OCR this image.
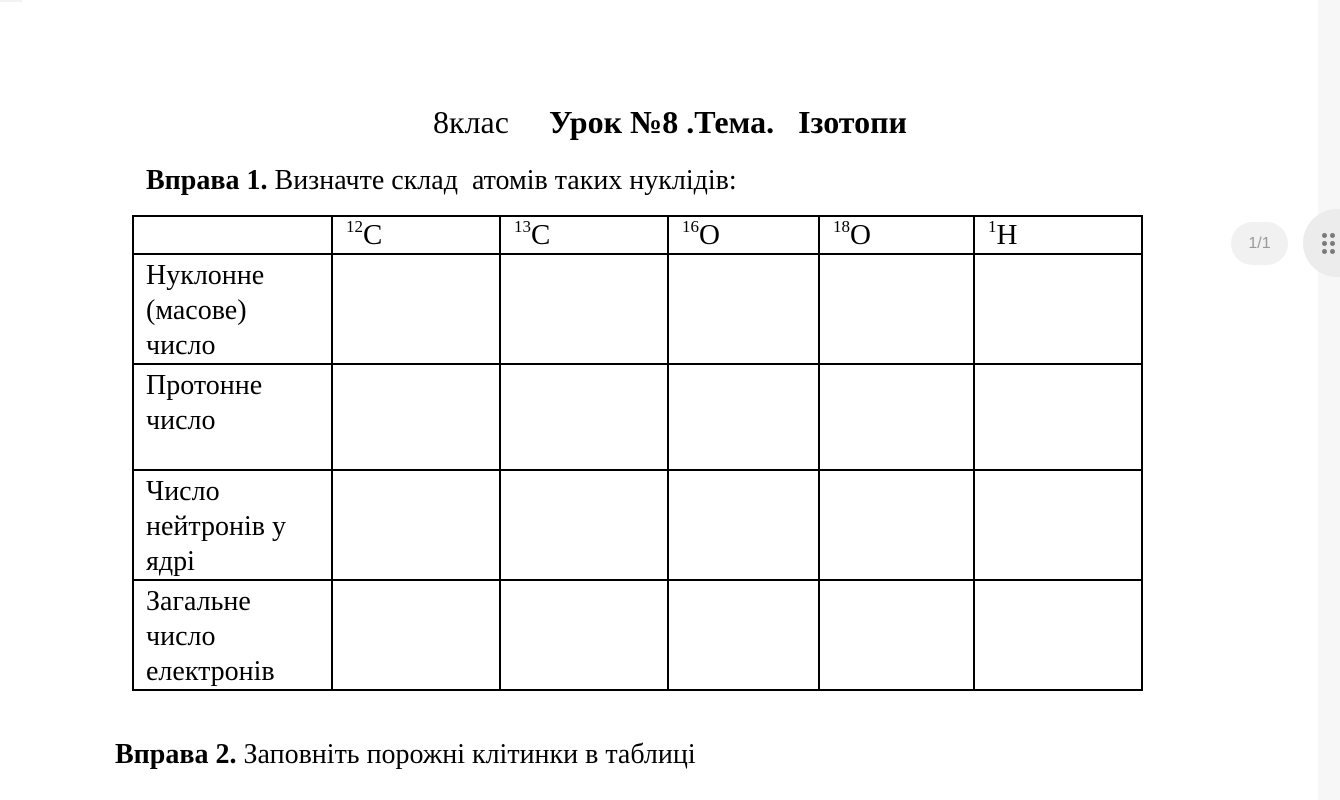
8клас Урок №8 .Тема.   Ізотопи
Вправа 1. Визначте склад  атомів таких нуклідів:
	$^{12}$C	$^{13}$C	$^{16}$O	$^{18}$O	$^1$H

Нуклонне
(масове)
число					

Протонне
число					

Число
нейтронів у
ядрі					

Загальне
число
електронів					

Вправа 2. Заповніть порожні клітинки в таблиці
1/1
